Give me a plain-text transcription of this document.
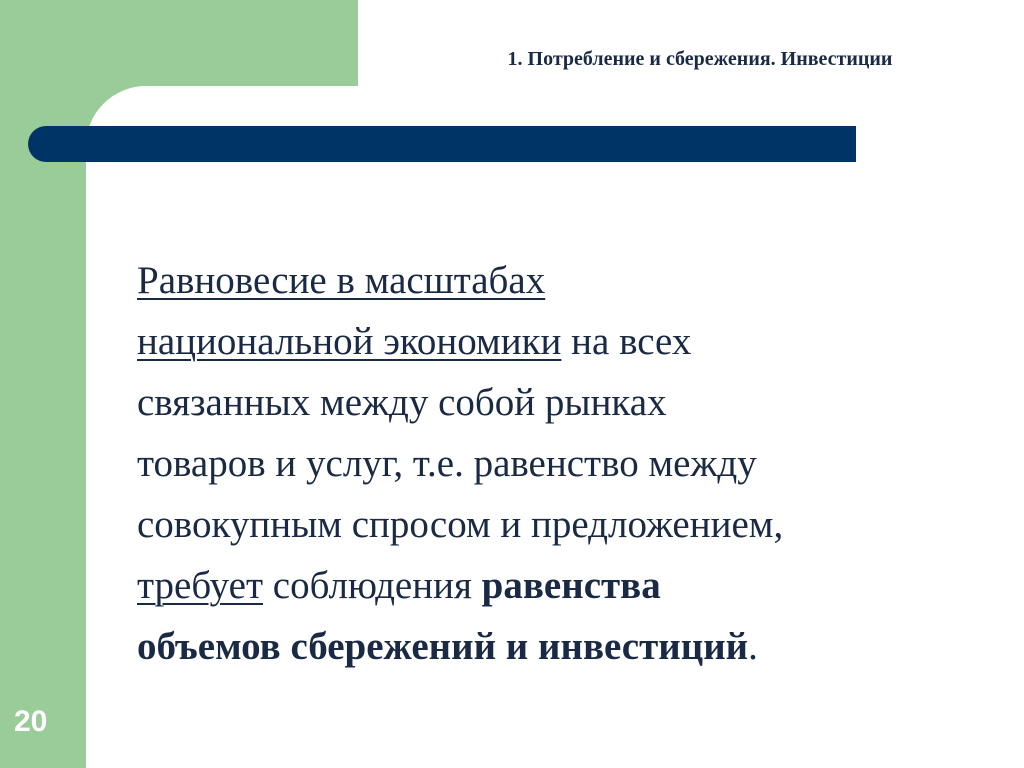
1. Потребление и сбережения. Инвестиции
Равновесие в масштабах
национальной экономики на всех
связанных между собой рынках
товаров и услуг, т.е. равенство между
совокупным спросом и предложением,
требует соблюдения равенства
объемов сбережений и инвестиций.
20
